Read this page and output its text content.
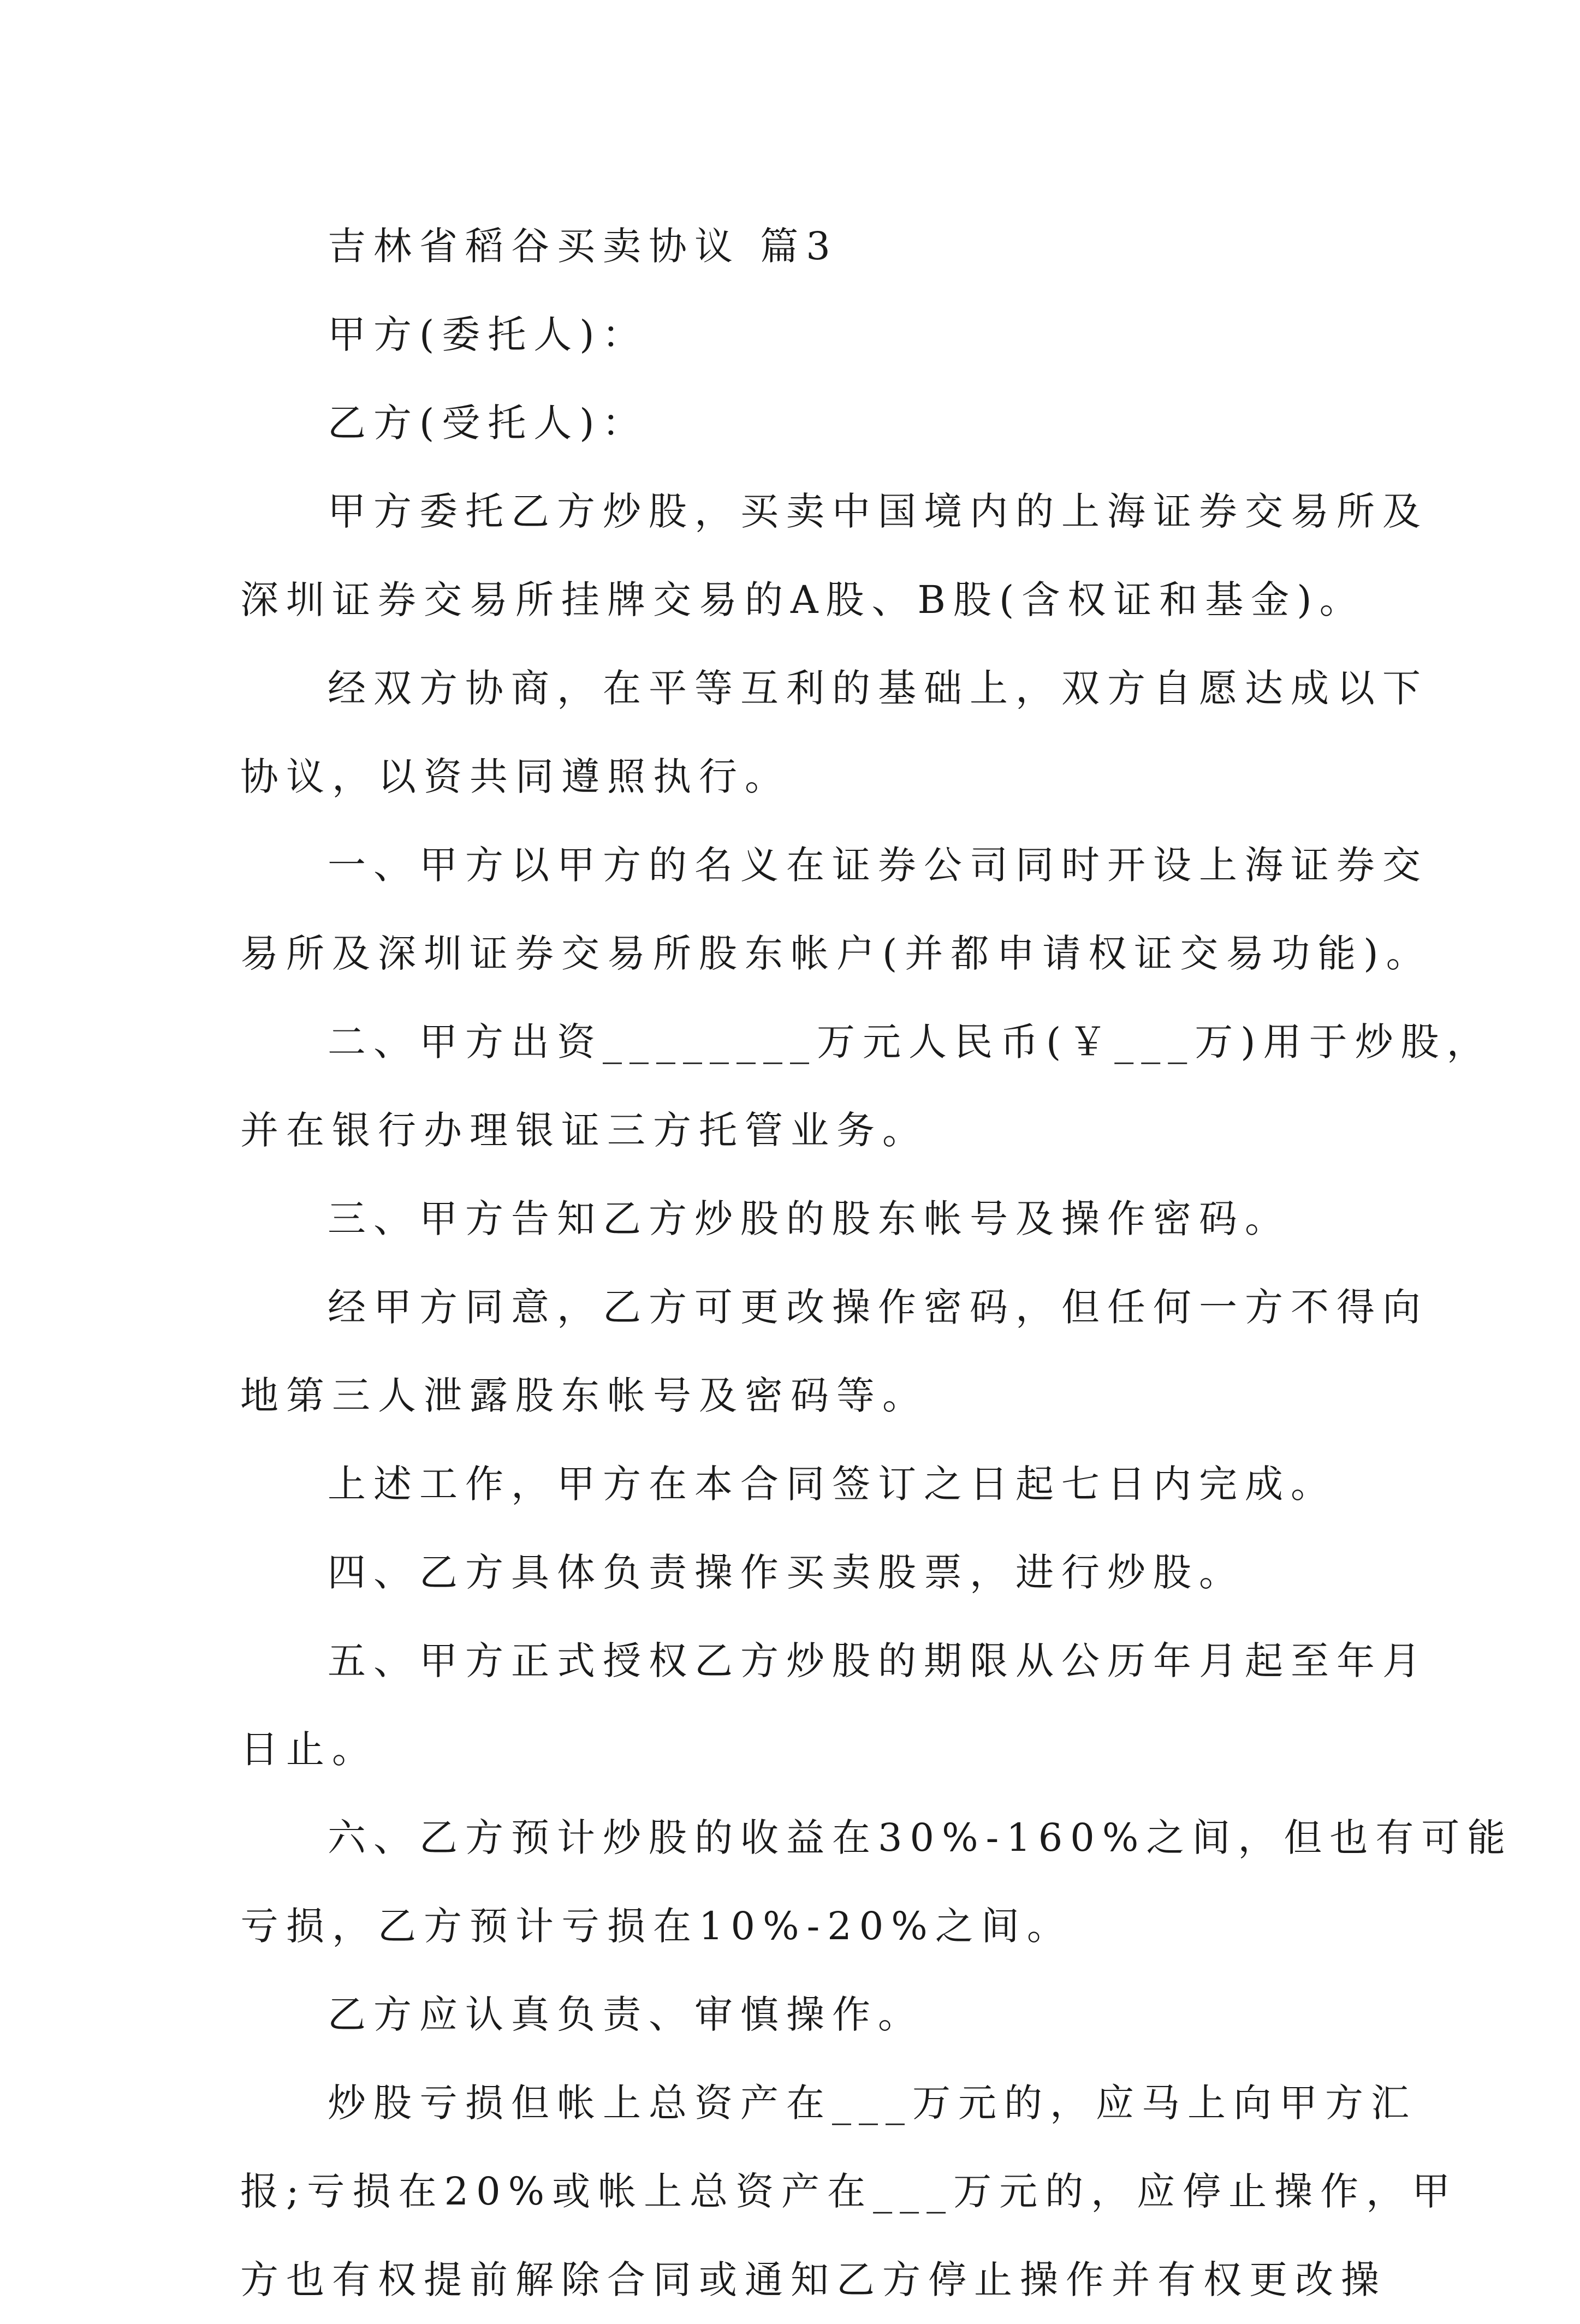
吉林省稻谷买卖协议 篇3
甲方(委托人)：
乙方(受托人)：
甲方委托乙方炒股，买卖中国境内的上海证券交易所及
深圳证券交易所挂牌交易的A股、B股(含权证和基金)。
经双方协商，在平等互利的基础上，双方自愿达成以下
协议，以资共同遵照执行。
一、甲方以甲方的名义在证券公司同时开设上海证券交
易所及深圳证券交易所股东帐户(并都申请权证交易功能)。
二、甲方出资________万元人民币(￥___万)用于炒股，
并在银行办理银证三方托管业务。
三、甲方告知乙方炒股的股东帐号及操作密码。
经甲方同意，乙方可更改操作密码，但任何一方不得向
地第三人泄露股东帐号及密码等。
上述工作，甲方在本合同签订之日起七日内完成。
四、乙方具体负责操作买卖股票，进行炒股。
五、甲方正式授权乙方炒股的期限从公历年月起至年月
日止。
六、乙方预计炒股的收益在30%-160%之间，但也有可能
亏损，乙方预计亏损在10%-20%之间。
乙方应认真负责、审慎操作。
炒股亏损但帐上总资产在___万元的，应马上向甲方汇
报;亏损在20%或帐上总资产在___万元的，应停止操作，甲
方也有权提前解除合同或通知乙方停止操作并有权更改操
